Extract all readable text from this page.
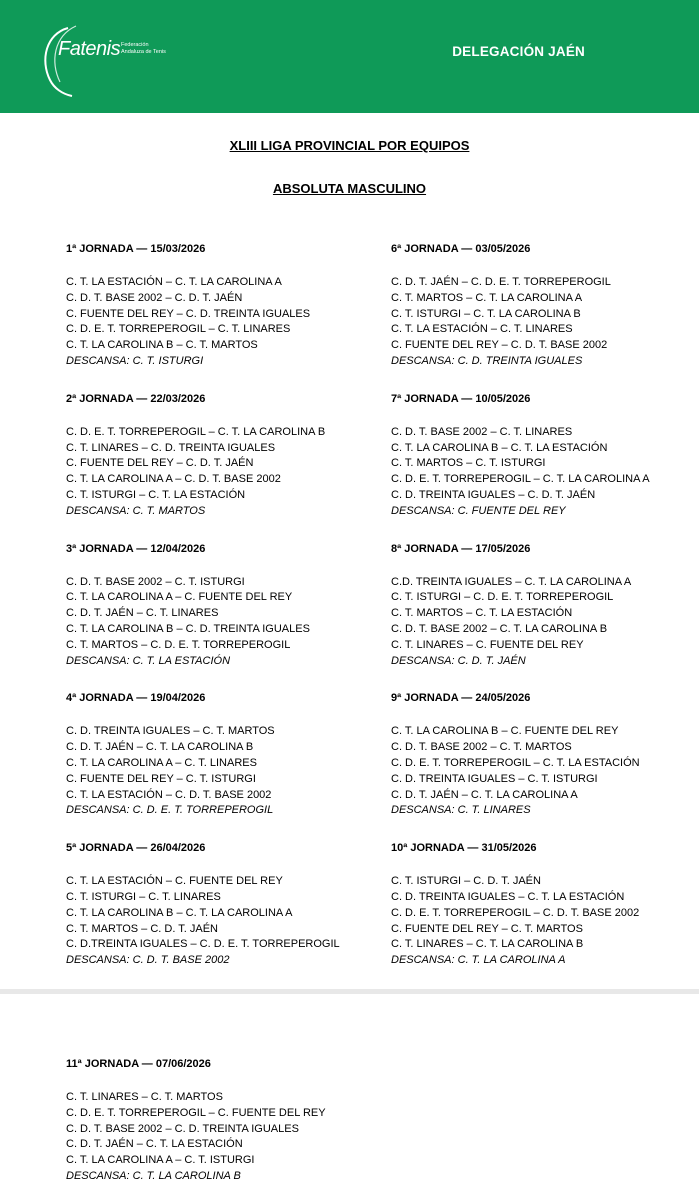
Fatenis Federación Andaluza de Tenis	DELEGACIÓN JAÉN
XLIII LIGA PROVINCIAL POR EQUIPOS
ABSOLUTA MASCULINO
1ª JORNADA — 15/03/2026
C. T. LA ESTACIÓN – C. T. LA CAROLINA A
C. D. T. BASE 2002 – C. D. T. JAÉN
C. FUENTE DEL REY – C. D. TREINTA IGUALES
C. D. E. T. TORREPEROGIL – C. T. LINARES
C. T. LA CAROLINA B – C. T. MARTOS
DESCANSA: C. T. ISTURGI
2ª JORNADA — 22/03/2026
C. D. E. T. TORREPEROGIL – C. T. LA CAROLINA B
C. T. LINARES – C. D. TREINTA IGUALES
C. FUENTE DEL REY – C. D. T. JAÉN
C. T. LA CAROLINA A – C. D. T. BASE 2002
C. T. ISTURGI – C. T. LA ESTACIÓN
DESCANSA: C. T. MARTOS
3ª JORNADA — 12/04/2026
C. D. T. BASE 2002 – C. T. ISTURGI
C. T. LA CAROLINA A – C. FUENTE DEL REY
C. D. T. JAÉN – C. T. LINARES
C. T. LA CAROLINA B – C. D. TREINTA IGUALES
C. T. MARTOS – C. D. E. T. TORREPEROGIL
DESCANSA: C. T. LA ESTACIÓN
4ª JORNADA — 19/04/2026
C. D. TREINTA IGUALES – C. T. MARTOS
C. D. T. JAÉN – C. T. LA CAROLINA B
C. T. LA CAROLINA A – C. T. LINARES
C. FUENTE DEL REY – C. T. ISTURGI
C. T. LA ESTACIÓN – C. D. T. BASE 2002
DESCANSA: C. D. E. T. TORREPEROGIL
5ª JORNADA — 26/04/2026
C. T. LA ESTACIÓN – C. FUENTE DEL REY
C. T. ISTURGI – C. T. LINARES
C. T. LA CAROLINA B – C. T. LA CAROLINA A
C. T. MARTOS – C. D. T. JAÉN
C. D.TREINTA IGUALES – C. D. E. T. TORREPEROGIL
DESCANSA: C. D. T. BASE 2002
6ª JORNADA — 03/05/2026
C. D. T. JAÉN – C. D. E. T. TORREPEROGIL
C. T. MARTOS – C. T. LA CAROLINA A
C. T. ISTURGI – C. T. LA CAROLINA B
C. T. LA ESTACIÓN – C. T. LINARES
C. FUENTE DEL REY – C. D. T. BASE 2002
DESCANSA: C. D. TREINTA IGUALES
7ª JORNADA — 10/05/2026
C. D. T. BASE 2002 – C. T. LINARES
C. T. LA CAROLINA B – C. T. LA ESTACIÓN
C. T. MARTOS – C. T. ISTURGI
C. D. E. T. TORREPEROGIL – C. T. LA CAROLINA A
C. D. TREINTA IGUALES – C. D. T. JAÉN
DESCANSA: C. FUENTE DEL REY
8ª JORNADA — 17/05/2026
C.D. TREINTA IGUALES – C. T. LA CAROLINA A
C. T. ISTURGI – C. D. E. T. TORREPEROGIL
C. T. MARTOS – C. T. LA ESTACIÓN
C. D. T. BASE 2002 – C. T. LA CAROLINA B
C. T. LINARES – C. FUENTE DEL REY
DESCANSA: C. D. T. JAÉN
9ª JORNADA — 24/05/2026
C. T. LA CAROLINA B – C. FUENTE DEL REY
C. D. T. BASE 2002 – C. T. MARTOS
C. D. E. T. TORREPEROGIL – C. T. LA ESTACIÓN
C. D. TREINTA IGUALES – C. T. ISTURGI
C. D. T. JAÉN – C. T. LA CAROLINA A
DESCANSA: C. T. LINARES
10ª JORNADA — 31/05/2026
C. T. ISTURGI – C. D. T. JAÉN
C. D. TREINTA IGUALES – C. T. LA ESTACIÓN
C. D. E. T. TORREPEROGIL – C. D. T. BASE 2002
C. FUENTE DEL REY – C. T. MARTOS
C. T. LINARES – C. T. LA CAROLINA B
DESCANSA: C. T. LA CAROLINA A
11ª JORNADA — 07/06/2026
C. T. LINARES – C. T. MARTOS
C. D. E. T. TORREPEROGIL – C. FUENTE DEL REY
C. D. T. BASE 2002 – C. D. TREINTA IGUALES
C. D. T. JAÉN – C. T. LA ESTACIÓN
C. T. LA CAROLINA A – C. T. ISTURGI
DESCANSA: C. T. LA CAROLINA B
